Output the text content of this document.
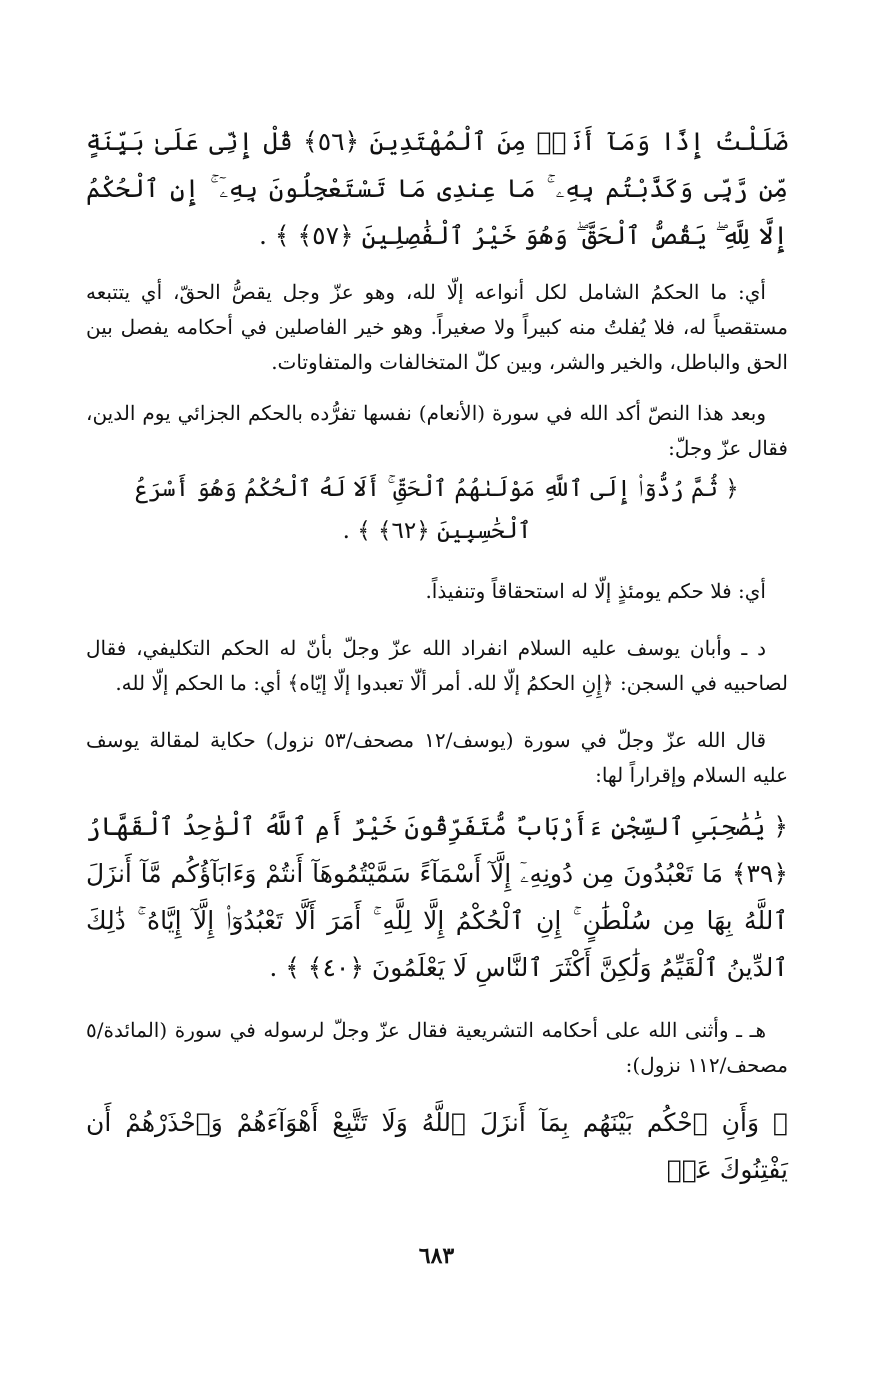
ضَلَلْتُ إِذًا وَمَآ أَنَا۠ مِنَ ٱلْمُهْتَدِينَ ﴿٥٦﴾ قُلْ إِنِّى عَلَىٰ بَيِّنَةٍ مِّن رَّبِّى وَكَذَّبْتُم بِهِۦ ۚ مَا عِندِى مَا تَسْتَعْجِلُونَ بِهِۦٓ ۚ إِنِ ٱلْحُكْمُ إِلَّا لِلَّهِ ۖ يَقُصُّ ٱلْحَقَّ ۖ وَهُوَ خَيْرُ ٱلْفَٰصِلِينَ ﴿٥٧﴾ ﴾ .

أي: ما الحكمُ الشامل لكل أنواعه إلّا لله، وهو عزّ وجل يقصُّ الحقّ، أي يتتبعه مستقصياً له، فلا يُفلتُ منه كبيراً ولا صغيراً. وهو خير الفاصلين في أحكامه يفصل بين الحق والباطل، والخير والشر، وبين كلّ المتخالفات والمتفاوتات.

وبعد هذا النصّ أكد الله في سورة (الأنعام) نفسها تفرُّده بالحكم الجزائي يوم الدين، فقال عزّ وجلّ:

﴿ ثُمَّ رُدُّوٓا۟ إِلَى ٱللَّهِ مَوْلَىٰهُمُ ٱلْحَقِّ ۚ أَلَا لَهُ ٱلْحُكْمُ وَهُوَ أَسْرَعُ ٱلْحَٰسِبِينَ ﴿٦٢﴾ ﴾ .

أي: فلا حكم يومئذٍ إلّا له استحقاقاً وتنفيذاً.

د ـ وأبان يوسف عليه السلام انفراد الله عزّ وجلّ بأنّ له الحكم التكليفي، فقال لصاحبيه في السجن: ﴿إِنِ الحكمُ إلّا لله. أمر ألّا تعبدوا إلّا إيّاه﴾ أي: ما الحكم إلّا لله.

قال الله عزّ وجلّ في سورة (يوسف/١٢ مصحف/٥٣ نزول) حكاية لمقالة يوسف عليه السلام وإقراراً لها:

﴿ يَٰصَٰحِبَىِ ٱلسِّجْنِ ءَأَرْبَابٌ مُّتَفَرِّقُونَ خَيْرٌ أَمِ ٱللَّهُ ٱلْوَٰحِدُ ٱلْقَهَّارُ ﴿٣٩﴾ مَا تَعْبُدُونَ مِن دُونِهِۦٓ إِلَّآ أَسْمَآءً سَمَّيْتُمُوهَآ أَنتُمْ وَءَابَآؤُكُم مَّآ أَنزَلَ ٱللَّهُ بِهَا مِن سُلْطَٰنٍ ۚ إِنِ ٱلْحُكْمُ إِلَّا لِلَّهِ ۚ أَمَرَ أَلَّا تَعْبُدُوٓا۟ إِلَّآ إِيَّاهُ ۚ ذَٰلِكَ ٱلدِّينُ ٱلْقَيِّمُ وَلَٰكِنَّ أَكْثَرَ ٱلنَّاسِ لَا يَعْلَمُونَ ﴿٤٠﴾ ﴾ .

هـ ـ وأثنى الله على أحكامه التشريعية فقال عزّ وجلّ لرسوله في سورة (المائدة/٥ مصحف/١١٢ نزول):

﴿ وَأَنِ ٱحْكُم بَيْنَهُم بِمَآ أَنزَلَ ٱللَّهُ وَلَا تَتَّبِعْ أَهْوَآءَهُمْ وَٱحْذَرْهُمْ أَن يَفْتِنُوكَ عَنۢ

٦٨٣
